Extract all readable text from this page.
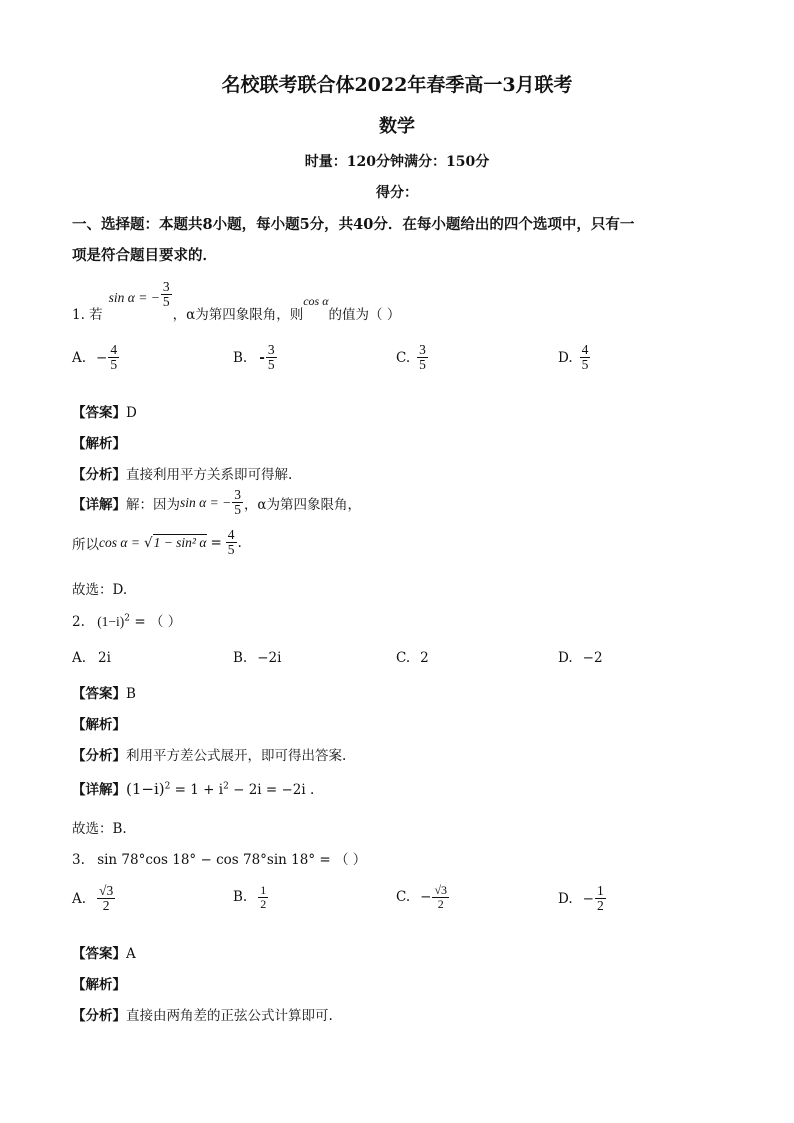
名校联考联合体2022年春季高一3月联考
数学
时量：120分钟满分：150分
得分：
一、选择题：本题共8小题，每小题5分，共40分．在每小题给出的四个选项中，只有一
项是符合题目要求的．
1. 若
sin α = − $\frac{3}{5}$
，α为第四象限角，则
cos α
的值为（ ）
A. − $\frac{4}{5}$	B. - $\frac{3}{5}$	C. $\frac{3}{5}$	D. $\frac{4}{5}$
【答案】D
【解析】
【分析】直接利用平方关系即可得解.
【详解】 解：因为 sin α = − $\frac{3}{5}$ ，α为第四象限角，
所以 cos α = √ 1 − sin² $\alpha = \frac{4}{5}$ .
故选：D.
2. $(1-i)^2$ = （ ）
A. 2i	B. −2i	C. 2	D. −2
【答案】B
【解析】
【分析】利用平方差公式展开，即可得出答案.
【详解】$(1-i)^2 = 1 + i^2 - 2i = -2i$ .
故选：B.
3. sin 78°cos 18° − cos 78°sin 18° = （ ）
A. $\frac{√3}{2}$	B. $\frac{1}{2}$	C. − $\frac{√3}{2}$	D. − $\frac{1}{2}$
【答案】A
【解析】
【分析】直接由两角差的正弦公式计算即可.
